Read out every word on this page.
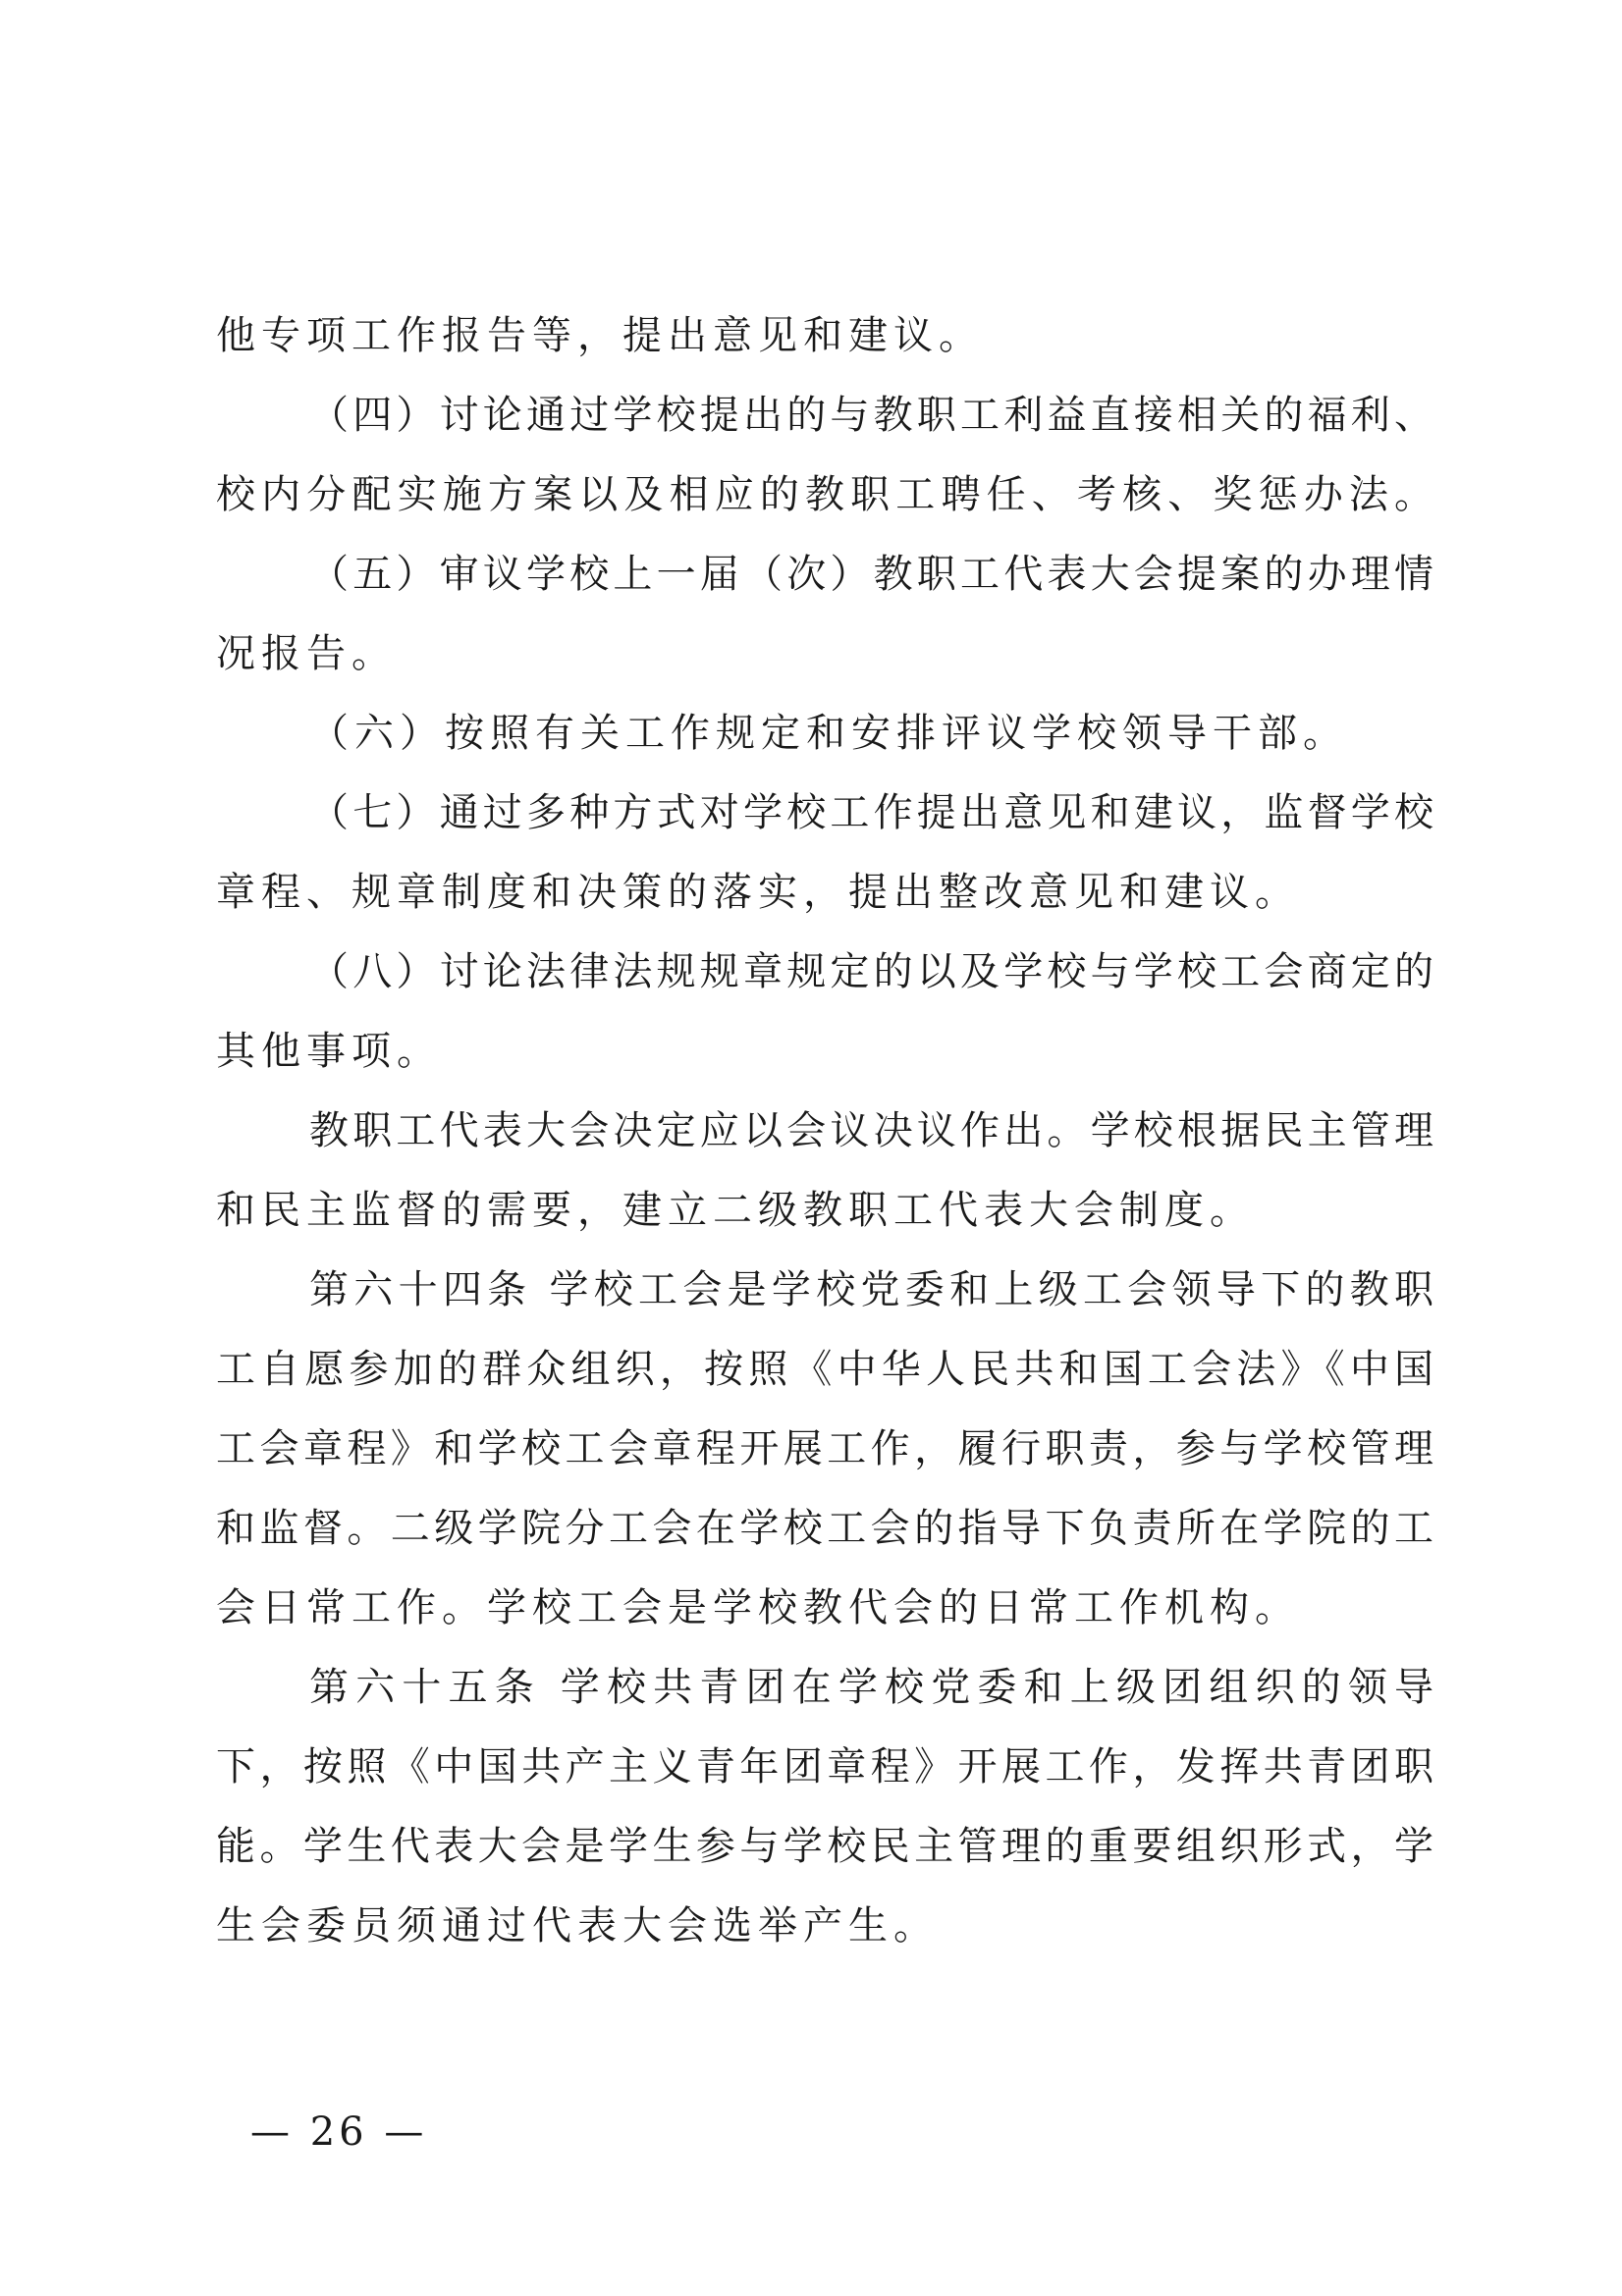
他专项工作报告等，提出意见和建议。
（四）讨论通过学校提出的与教职工利益直接相关的福利、
校内分配实施方案以及相应的教职工聘任、考核、奖惩办法。
（五）审议学校上一届（次）教职工代表大会提案的办理情
况报告。
（六）按照有关工作规定和安排评议学校领导干部。
（七）通过多种方式对学校工作提出意见和建议，监督学校
章程、规章制度和决策的落实，提出整改意见和建议。
（八）讨论法律法规规章规定的以及学校与学校工会商定的
其他事项。
教职工代表大会决定应以会议决议作出。学校根据民主管理
和民主监督的需要，建立二级教职工代表大会制度。
第六十四条 学校工会是学校党委和上级工会领导下的教职
工自愿参加的群众组织，按照《中华人民共和国工会法》《中国
工会章程》和学校工会章程开展工作，履行职责，参与学校管理
和监督。二级学院分工会在学校工会的指导下负责所在学院的工
会日常工作。学校工会是学校教代会的日常工作机构。
第六十五条 学校共青团在学校党委和上级团组织的领导
下，按照《中国共产主义青年团章程》开展工作，发挥共青团职
能。学生代表大会是学生参与学校民主管理的重要组织形式，学
生会委员须通过代表大会选举产生。
— 26 —
